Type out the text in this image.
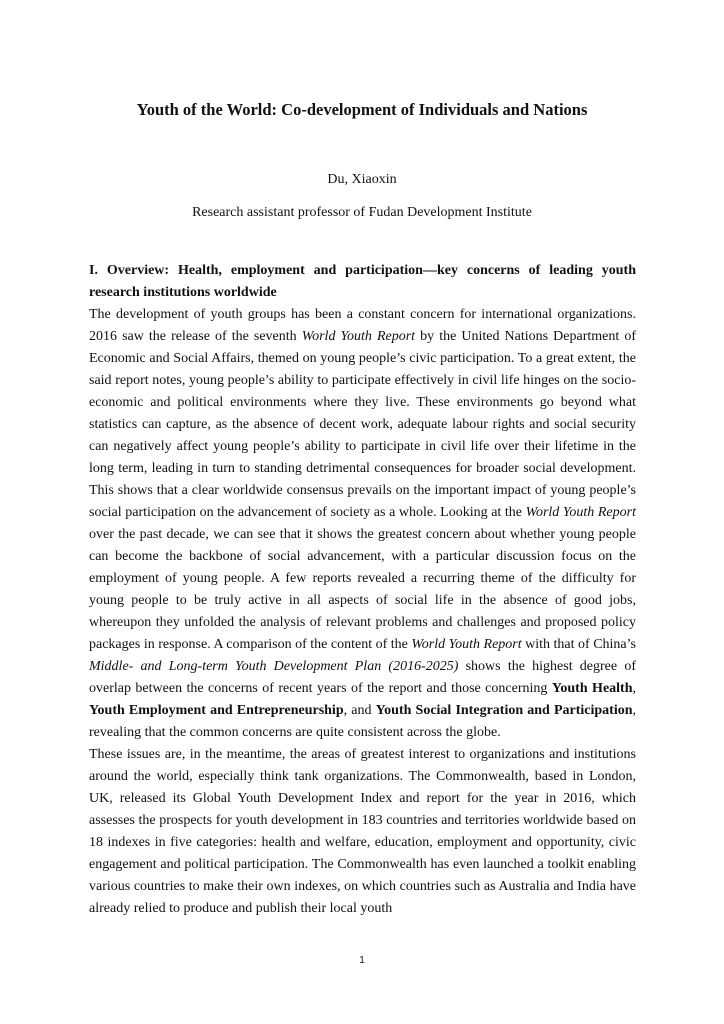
Youth of the World: Co-development of Individuals and Nations
Du, Xiaoxin
Research assistant professor of Fudan Development Institute

I. Overview: Health, employment and participation—key concerns of leading youth research institutions worldwide

The development of youth groups has been a constant concern for international organizations. 2016 saw the release of the seventh World Youth Report by the United Nations Department of Economic and Social Affairs, themed on young people’s civic participation. To a great extent, the said report notes, young people’s ability to participate effectively in civil life hinges on the socio-economic and political environments where they live. These environments go beyond what statistics can capture, as the absence of decent work, adequate labour rights and social security can negatively affect young people’s ability to participate in civil life over their lifetime in the long term, leading in turn to standing detrimental consequences for broader social development. This shows that a clear worldwide consensus prevails on the important impact of young people’s social participation on the advancement of society as a whole. Looking at the World Youth Report over the past decade, we can see that it shows the greatest concern about whether young people can become the backbone of social advancement, with a particular discussion focus on the employment of young people. A few reports revealed a recurring theme of the difficulty for young people to be truly active in all aspects of social life in the absence of good jobs, whereupon they unfolded the analysis of relevant problems and challenges and proposed policy packages in response. A comparison of the content of the World Youth Report with that of China’s Middle- and Long-term Youth Development Plan (2016-2025) shows the highest degree of overlap between the concerns of recent years of the report and those concerning Youth Health, Youth Employment and Entrepreneurship, and Youth Social Integration and Participation, revealing that the common concerns are quite consistent across the globe.

These issues are, in the meantime, the areas of greatest interest to organizations and institutions around the world, especially think tank organizations. The Commonwealth, based in London, UK, released its Global Youth Development Index and report for the year in 2016, which assesses the prospects for youth development in 183 countries and territories worldwide based on 18 indexes in five categories: health and welfare, education, employment and opportunity, civic engagement and political participation. The Commonwealth has even launched a toolkit enabling various countries to make their own indexes, on which countries such as Australia and India have already relied to produce and publish their local youth

1
